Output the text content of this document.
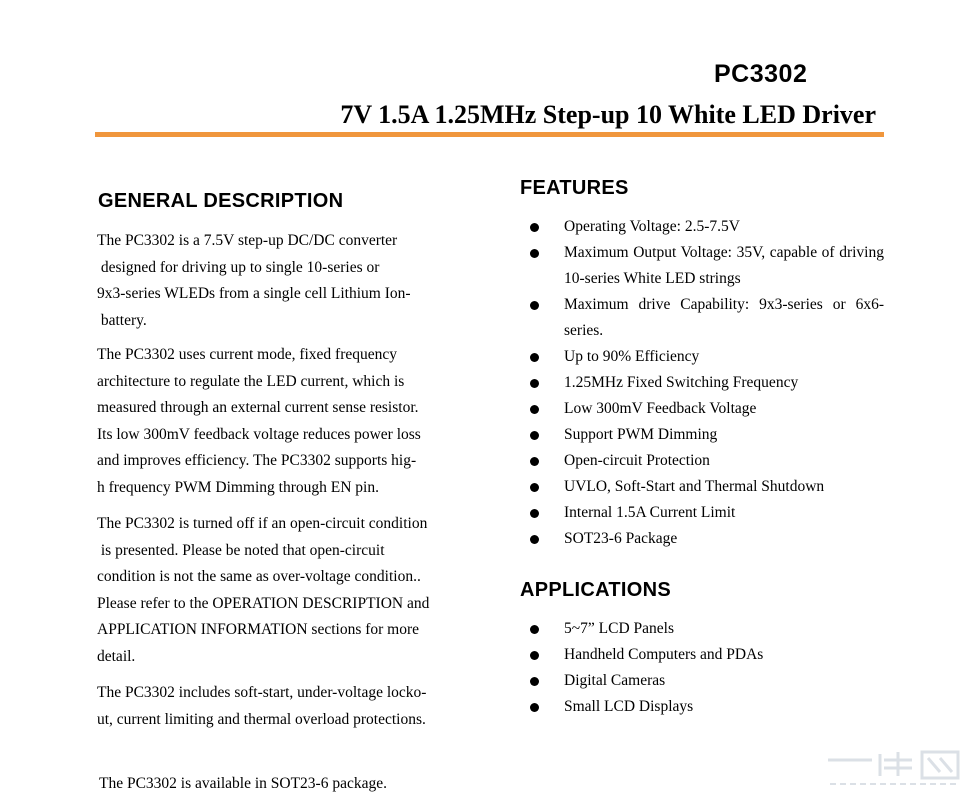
PC3302
7V 1.5A 1.25MHz Step-up 10 White LED Driver
GENERAL DESCRIPTION
The PC3302 is a 7.5V step-up DC/DC converter
designed for driving up to single 10-series or
9x3-series WLEDs from a single cell Lithium Ion-
battery.
The PC3302 uses current mode, fixed frequency
architecture to regulate the LED current, which is
measured through an external current sense resistor.
Its low 300mV feedback voltage reduces power loss
and improves efficiency. The PC3302 supports hig-
h frequency PWM Dimming through EN pin.
The PC3302 is turned off if an open-circuit condition
is presented. Please be noted that open-circuit
condition is not the same as over-voltage condition..
Please refer to the OPERATION DESCRIPTION and
APPLICATION INFORMATION sections for more
detail.
The PC3302 includes soft-start, under-voltage locko-
ut, current limiting and thermal overload protections.
The PC3302 is available in SOT23-6 package.
FEATURES
Operating Voltage: 2.5-7.5V
Maximum Output Voltage: 35V, capable of driving 10-series White LED strings
Maximum drive Capability: 9x3-series or 6x6-series.
Up to 90% Efficiency
1.25MHz Fixed Switching Frequency
Low 300mV Feedback Voltage
Support PWM Dimming
Open-circuit Protection
UVLO, Soft-Start and Thermal Shutdown
Internal 1.5A Current Limit
SOT23-6 Package
APPLICATIONS
5~7” LCD Panels
Handheld Computers and PDAs
Digital Cameras
Small LCD Displays
